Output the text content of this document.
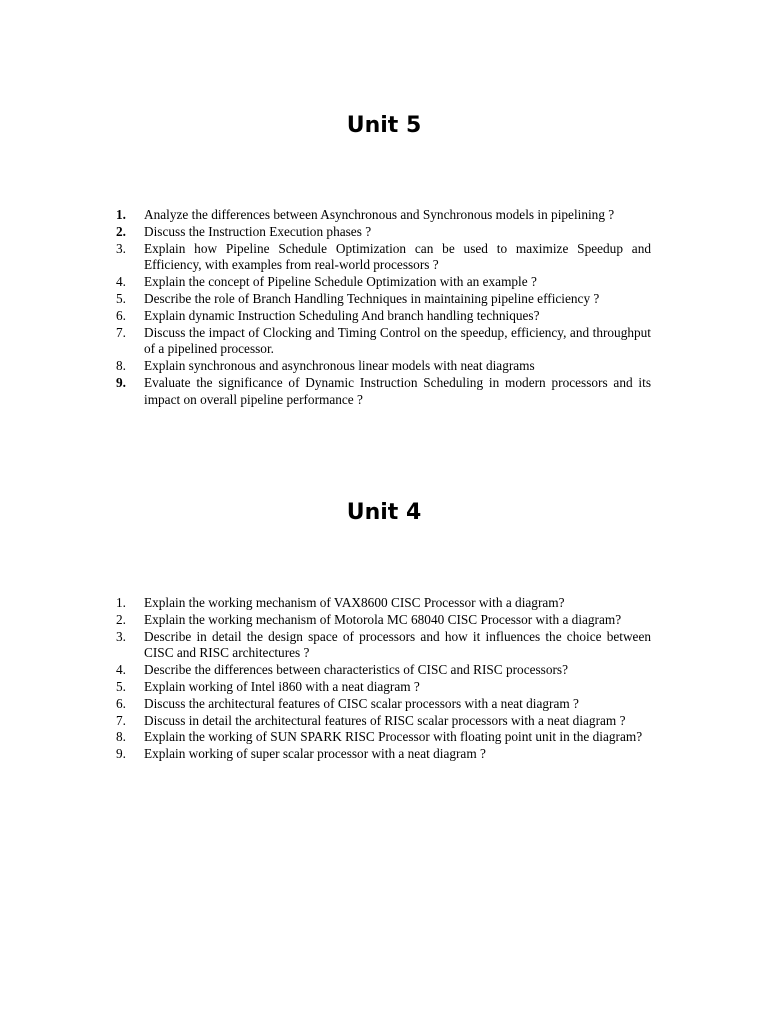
Unit 5
1. Analyze the differences between Asynchronous and Synchronous models in pipelining ?
2. Discuss the Instruction Execution phases ?
3. Explain how Pipeline Schedule Optimization can be used to maximize Speedup and Efficiency, with examples from real-world processors ?
4. Explain the concept of Pipeline Schedule Optimization with an example ?
5. Describe the role of Branch Handling Techniques in maintaining pipeline efficiency ?
6. Explain dynamic Instruction Scheduling And branch handling techniques?
7. Discuss the impact of Clocking and Timing Control on the speedup, efficiency, and throughput of a pipelined processor.
8. Explain synchronous and asynchronous linear models with neat diagrams
9. Evaluate the significance of Dynamic Instruction Scheduling in modern processors and its impact on overall pipeline performance ?
Unit 4
1. Explain the working mechanism of VAX8600 CISC Processor with a diagram?
2. Explain the working mechanism of Motorola MC 68040 CISC Processor with a diagram?
3. Describe in detail the design space of processors and how it influences the choice between CISC and RISC architectures ?
4. Describe the differences between characteristics of CISC and RISC processors?
5. Explain working of Intel i860 with a neat diagram ?
6. Discuss the architectural features of CISC scalar processors with a neat diagram ?
7. Discuss in detail the architectural features of RISC scalar processors with a neat diagram ?
8. Explain the working of SUN SPARK RISC Processor with floating point unit in the diagram?
9. Explain working of super scalar processor with a neat diagram ?
